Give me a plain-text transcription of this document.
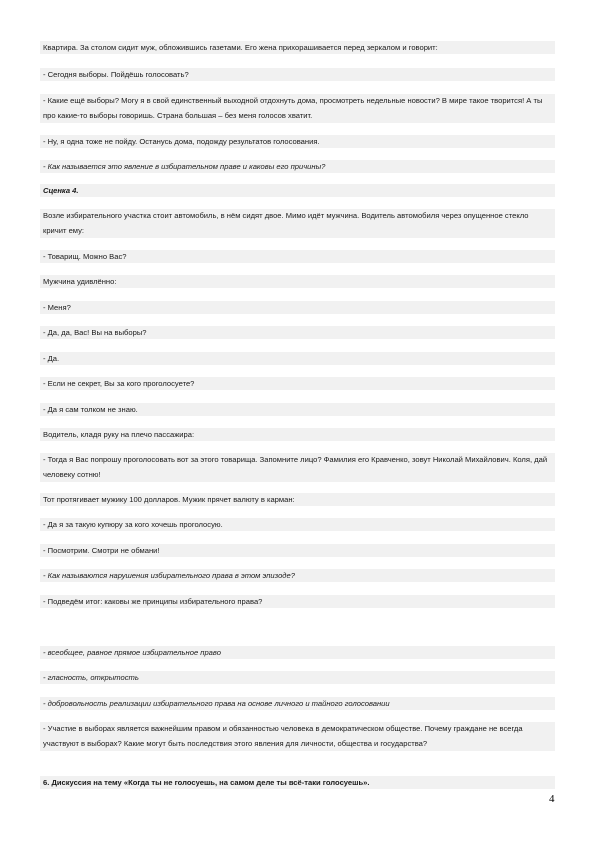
Квартира. За столом сидит муж, обложившись газетами. Его жена прихорашивается перед зеркалом и говорит:
- Сегодня выборы. Пойдёшь голосовать?
- Какие ещё выборы? Могу я в свой единственный выходной отдохнуть дома, просмотреть недельные новости? В мире такое творится! А ты про какие-то выборы говоришь. Страна большая – без меня голосов хватит.
- Ну, я одна тоже не пойду. Останусь дома, подожду результатов голосования.
- Как называется это явление в избирательном праве и каковы его причины?
Сценка 4.
Возле избирательного участка стоит автомобиль, в нём сидят двое. Мимо идёт мужчина. Водитель автомобиля через опущенное стекло кричит ему:
- Товарищ. Можно Вас?
Мужчина удивлённо:
- Меня?
- Да, да, Вас! Вы на выборы?
- Да.
- Если не секрет, Вы за кого проголосуете?
- Да я сам толком не знаю.
Водитель, кладя руку на плечо пассажира:
- Тогда я Вас попрошу проголосовать вот за этого товарища. Запомните лицо? Фамилия его Кравченко, зовут Николай Михайлович. Коля, дай человеку сотню!
Тот протягивает мужику 100 долларов. Мужик прячет валюту в карман:
- Да я за такую купюру за кого хочешь проголосую.
- Посмотрим. Смотри не обмани!
- Как называются нарушения избирательного права в этом эпизоде?
- Подведём итог: каковы же принципы избирательного права?
- всеобщее, равное прямое избирательное право
- гласность, открытость
- добровольность реализации избирательного права на основе личного и тайного голосовании
- Участие в выборах является важнейшим правом и обязанностью человека в демократическом обществе. Почему граждане не всегда участвуют в выборах? Какие могут быть последствия этого явления для личности, общества и государства?
6. Дискуссия на тему «Когда ты не голосуешь, на самом деле ты всё-таки голосуешь».
4
